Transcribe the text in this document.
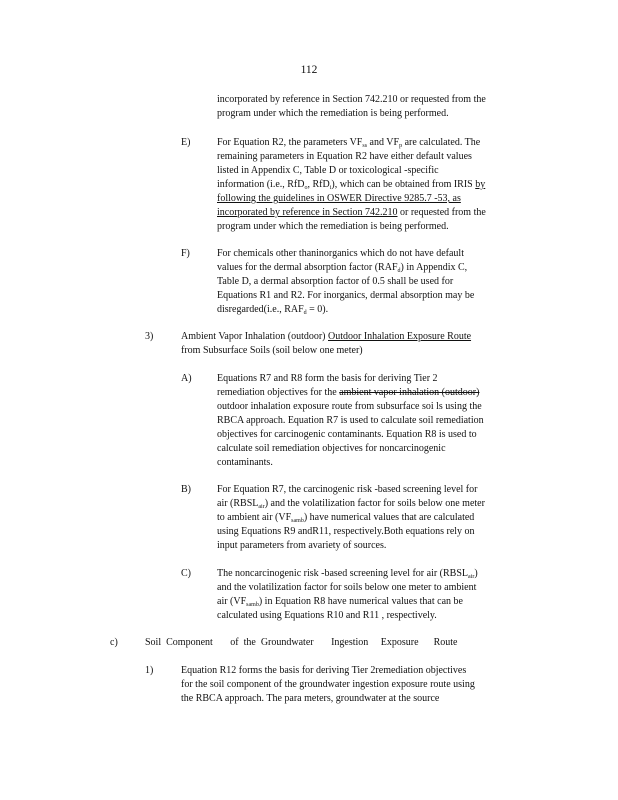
112
incorporated by reference in Section 742.210 or requested from the
program under which the remediation is being performed.
E)	For Equation R2, the parameters $VF_{ss}$ and $VF_p$ are calculated. The
remaining parameters in Equation R2 have either default values
listed in Appendix C, Table D or toxicological -specific
information (i.e., RfD$_o$, RfD$_i$), which can be obtained from IRIS by
following the guidelines in OSWER Directive 9285.7 -53, as
incorporated by reference in Section 742.210 or requested from the
program under which the remediation is being performed.
F)	For chemicals other thaninorganics which do not have default
values for the dermal absorption factor $(RAF_d)$ in Appendix C,
Table D, a dermal absorption factor of 0.5 shall be used for
Equations R1 and R2. For inorganics, dermal absorption may be
disregarded(i.e., $RAF_d = 0$).
3)	Ambient Vapor Inhalation (outdoor) Outdoor Inhalation Exposure Route
from Subsurface Soils (soil below one meter)
A)	Equations R7 and R8 form the basis for deriving Tier 2
remediation objectives for the ambient vapor inhalation (outdoor)
outdoor inhalation exposure route from subsurface soi ls using the
RBCA approach. Equation R7 is used to calculate soil remediation
objectives for carcinogenic contaminants. Equation R8 is used to
calculate soil remediation objectives for noncarcinogenic
contaminants.
B)	For Equation R7, the carcinogenic risk -based screening level for
air $(RBSL_{air})$ and the volatilization factor for soils below one meter
to ambient air $(VF_{samb})$ have numerical values that are calculated
using Equations R9 andR11, respectively.Both equations rely on
input parameters from avariety of sources.
C)	The noncarcinogenic risk -based screening level for air $(RBSL_{air})$
and the volatilization factor for soils below one meter to ambient
air $(VF_{samb})$ in Equation R8 have numerical values that can be
calculated using Equations R10 and R11 , respectively.
c)	Soil  Component       of  the  Groundwater       Ingestion     Exposure      Route
1)	Equation R12 forms the basis for deriving Tier 2remediation objectives
for the soil component of the groundwater ingestion exposure route using
the RBCA approach. The para meters, groundwater at the source
